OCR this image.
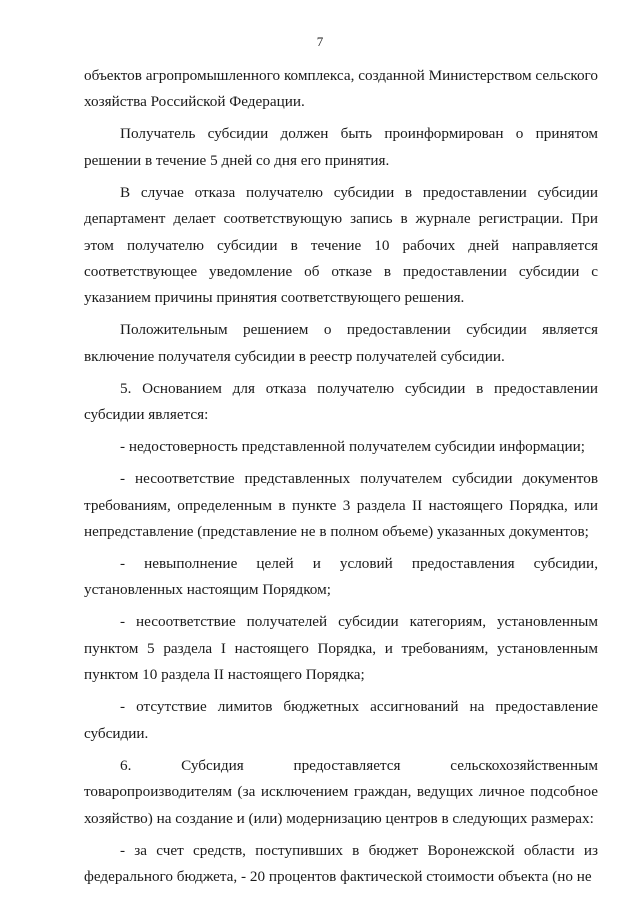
7

объектов агропромышленного комплекса, созданной Министерством сельского хозяйства Российской Федерации.

Получатель субсидии должен быть проинформирован о принятом решении в течение 5 дней со дня его принятия.

В случае отказа получателю субсидии в предоставлении субсидии департамент делает соответствующую запись в журнале регистрации. При этом получателю субсидии в течение 10 рабочих дней направляется соответствующее уведомление об отказе в предоставлении субсидии с указанием причины принятия соответствующего решения.

Положительным решением о предоставлении субсидии является включение получателя субсидии в реестр получателей субсидии.

5. Основанием для отказа получателю субсидии в предоставлении субсидии является:

- недостоверность представленной получателем субсидии информации;

- несоответствие представленных получателем субсидии документов требованиям, определенным в пункте 3 раздела II настоящего Порядка, или непредставление (представление не в полном объеме) указанных документов;

- невыполнение целей и условий предоставления субсидии, установленных настоящим Порядком;

- несоответствие получателей субсидии категориям, установленным пунктом 5 раздела I настоящего Порядка, и требованиям, установленным пунктом 10 раздела II настоящего Порядка;

- отсутствие лимитов бюджетных ассигнований на предоставление субсидии.

6. Субсидия предоставляется сельскохозяйственным товаропроизводителям (за исключением граждан, ведущих личное подсобное хозяйство) на создание и (или) модернизацию центров в следующих размерах:

- за счет средств, поступивших в бюджет Воронежской области из федерального бюджета, - 20 процентов фактической стоимости объекта (но не
